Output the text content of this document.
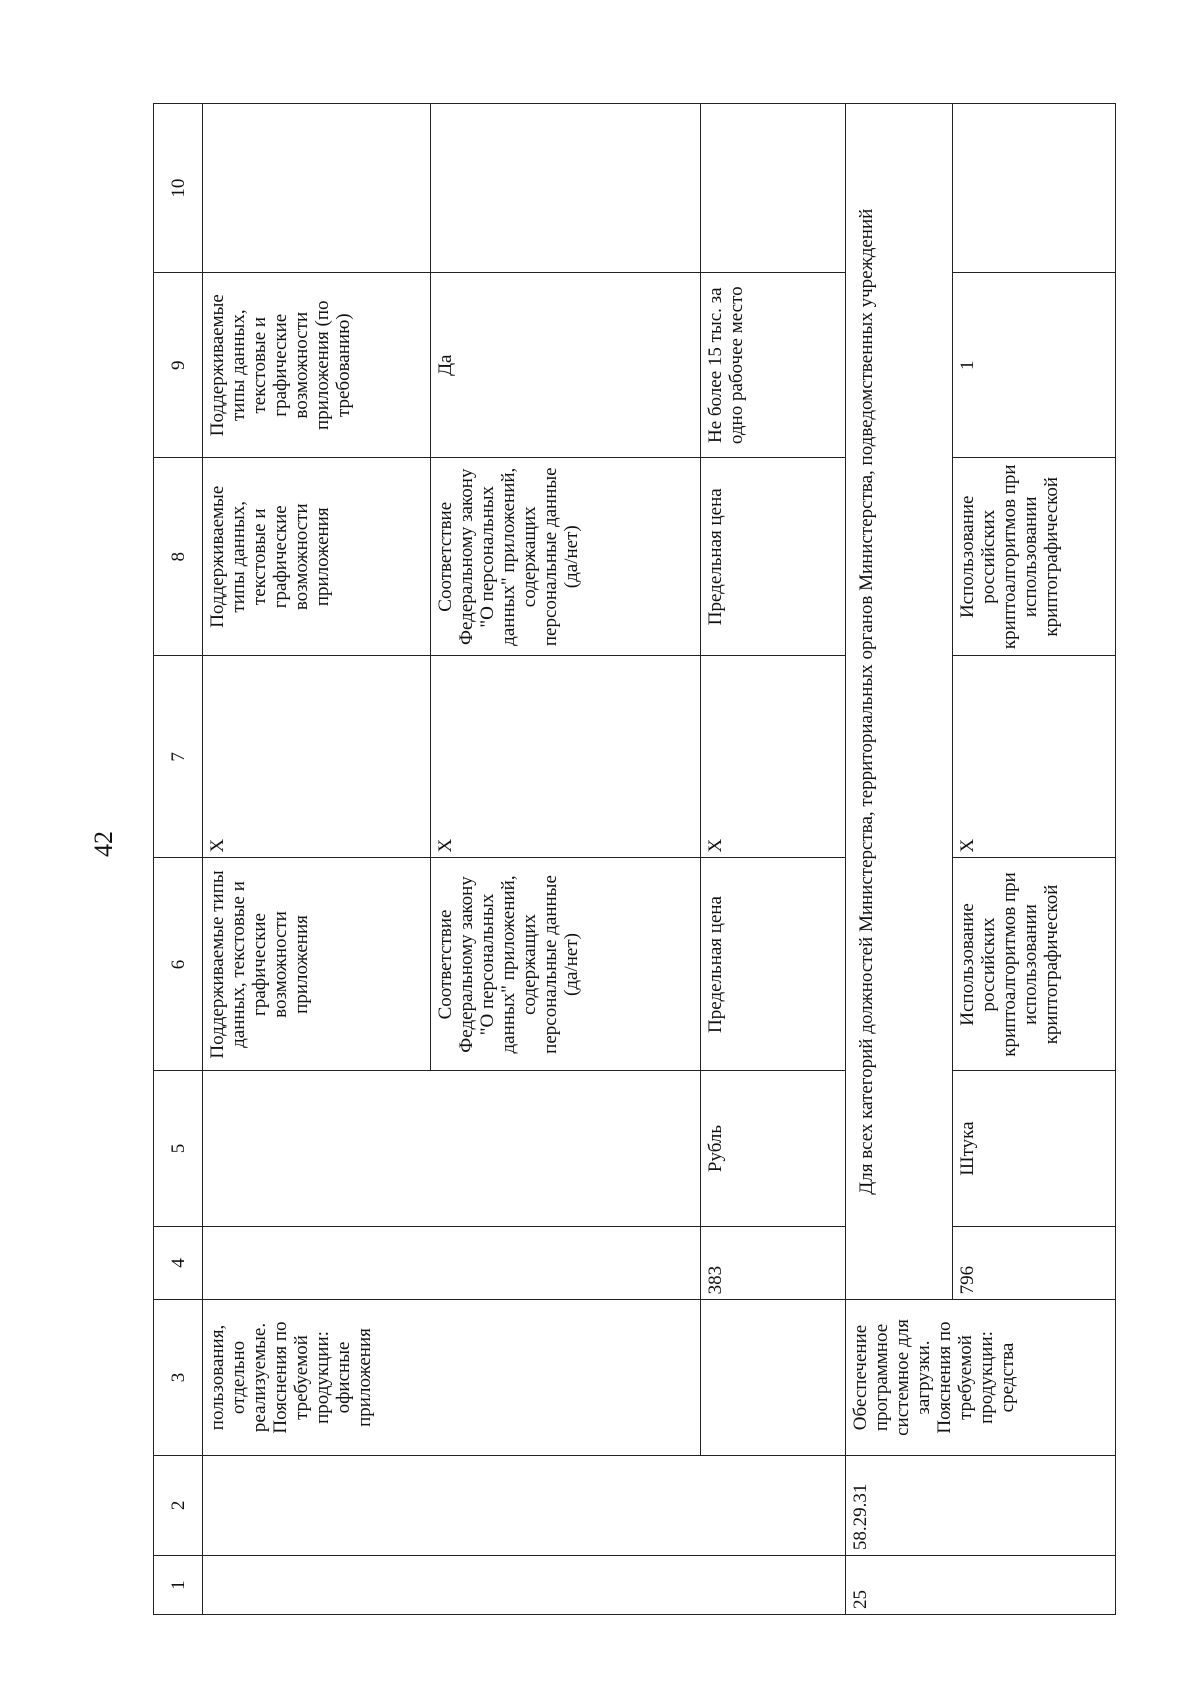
42
1	2	3	4	5	6	7	8	9	10
		пользования, отдельно реализуемые. Пояснения по требуемой продукции: офисные приложения			Поддерживаемые типы данных, текстовые и графические возможности приложения	X	Поддерживаемые типы данных, текстовые и графические возможности приложения	Поддерживаемые типы данных, текстовые и графические возможности приложения (по требованию)	
					Соответствие Федеральному закону "О персональных данных" приложений, содержащих персональные данные (да/нет)	X	Соответствие Федеральному закону "О персональных данных" приложений, содержащих персональные данные (да/нет)	Да	
			383	Рубль	Предельная цена	X	Предельная цена	Не более 15 тыс. за одно рабочее место	
25	58.29.31	Обеспечение программное системное для загрузки. Пояснения по требуемой продукции: средства	Для всех категорий должностей Министерства, территориальных органов Министерства, подведомственных учреждений						
			796	Штука	Использование российских криптоалгоритмов при использовании криптографической	X	Использование российских криптоалгоритмов при использовании криптографической	1	
